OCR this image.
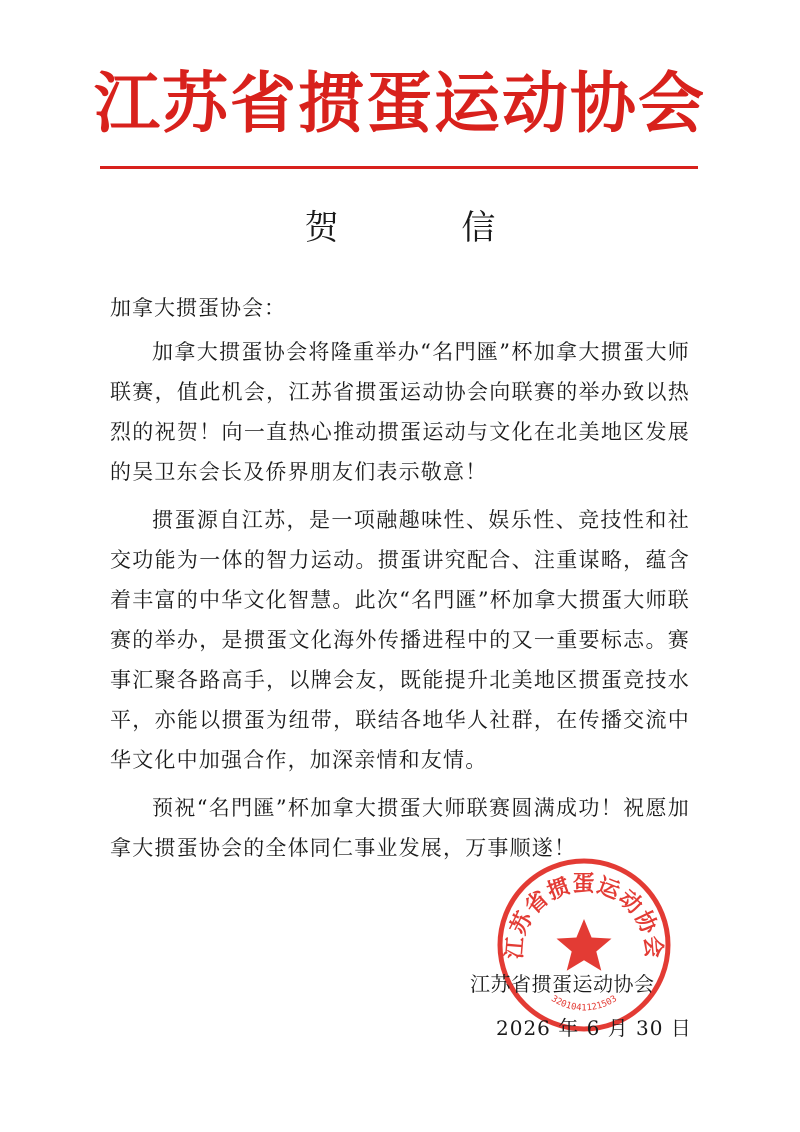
江苏省掼蛋运动协会
贺 信
加拿大掼蛋协会：
加拿大掼蛋协会将隆重举办“名門匯”杯加拿大掼蛋大师联赛，值此机会，江苏省掼蛋运动协会向联赛的举办致以热烈的祝贺！向一直热心推动掼蛋运动与文化在北美地区发展的吴卫东会长及侨界朋友们表示敬意！
掼蛋源自江苏，是一项融趣味性、娱乐性、竞技性和社交功能为一体的智力运动。掼蛋讲究配合、注重谋略，蕴含着丰富的中华文化智慧。此次“名門匯”杯加拿大掼蛋大师联赛的举办，是掼蛋文化海外传播进程中的又一重要标志。赛事汇聚各路高手，以牌会友，既能提升北美地区掼蛋竞技水平，亦能以掼蛋为纽带，联结各地华人社群，在传播交流中华文化中加强合作，加深亲情和友情。
预祝“名門匯”杯加拿大掼蛋大师联赛圆满成功！祝愿加拿大掼蛋协会的全体同仁事业发展，万事顺遂！
江苏省掼蛋运动协会
3201041121503
江苏省掼蛋运动协会
2026 年 6 月 30 日
